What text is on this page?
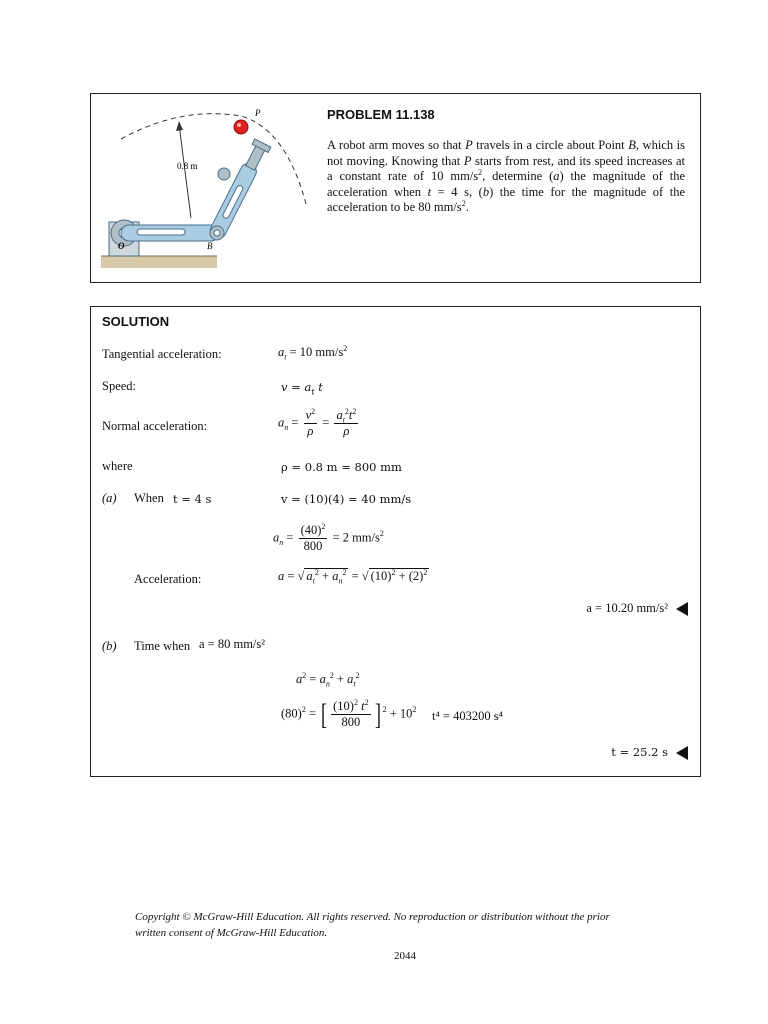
P
0.8 m
O	B
PROBLEM 11.138
A robot arm moves so that P travels in a circle about Point B, which is not moving. Knowing that P starts from rest, and its speed increases at a constant rate of 10 $mm/s^2$, determine (a) the magnitude of the acceleration when t = 4 s, (b) the time for the magnitude of the acceleration to be 80 $mm/s^2$.
SOLUTION
Tangential acceleration:	$a_t = 10$ $mm/s^2$
Speed:	$v = a_t$ t
Normal acceleration:	$a_n = \frac{v^2}{\rho} = \frac{a_t^2t^2}{\rho}$
where	ρ = 0.8 m = 800 mm
(a) When t = 4 s	v = (10)(4) = 40 mm/s
$a_n = \frac{(40)^2}{800} = 2$ $mm/s^2$
Acceleration:	a = √ $a_t^2 + a_n^2$ = √ $(10)^2 + (2)^2$
a = 10.20 mm/s²
(b) Time when a = 80 mm/s²
$a^2 = a_n^2 + a_t^2$
$(80)^2$ = [ $\frac{(10)^2 t^2}{800}$ ] $^2 + 10^2$ t⁴ = 403200 s⁴
t = 25.2 s
Copyright © McGraw-Hill Education. All rights reserved. No reproduction or distribution without the prior
written consent of McGraw-Hill Education.
2044
